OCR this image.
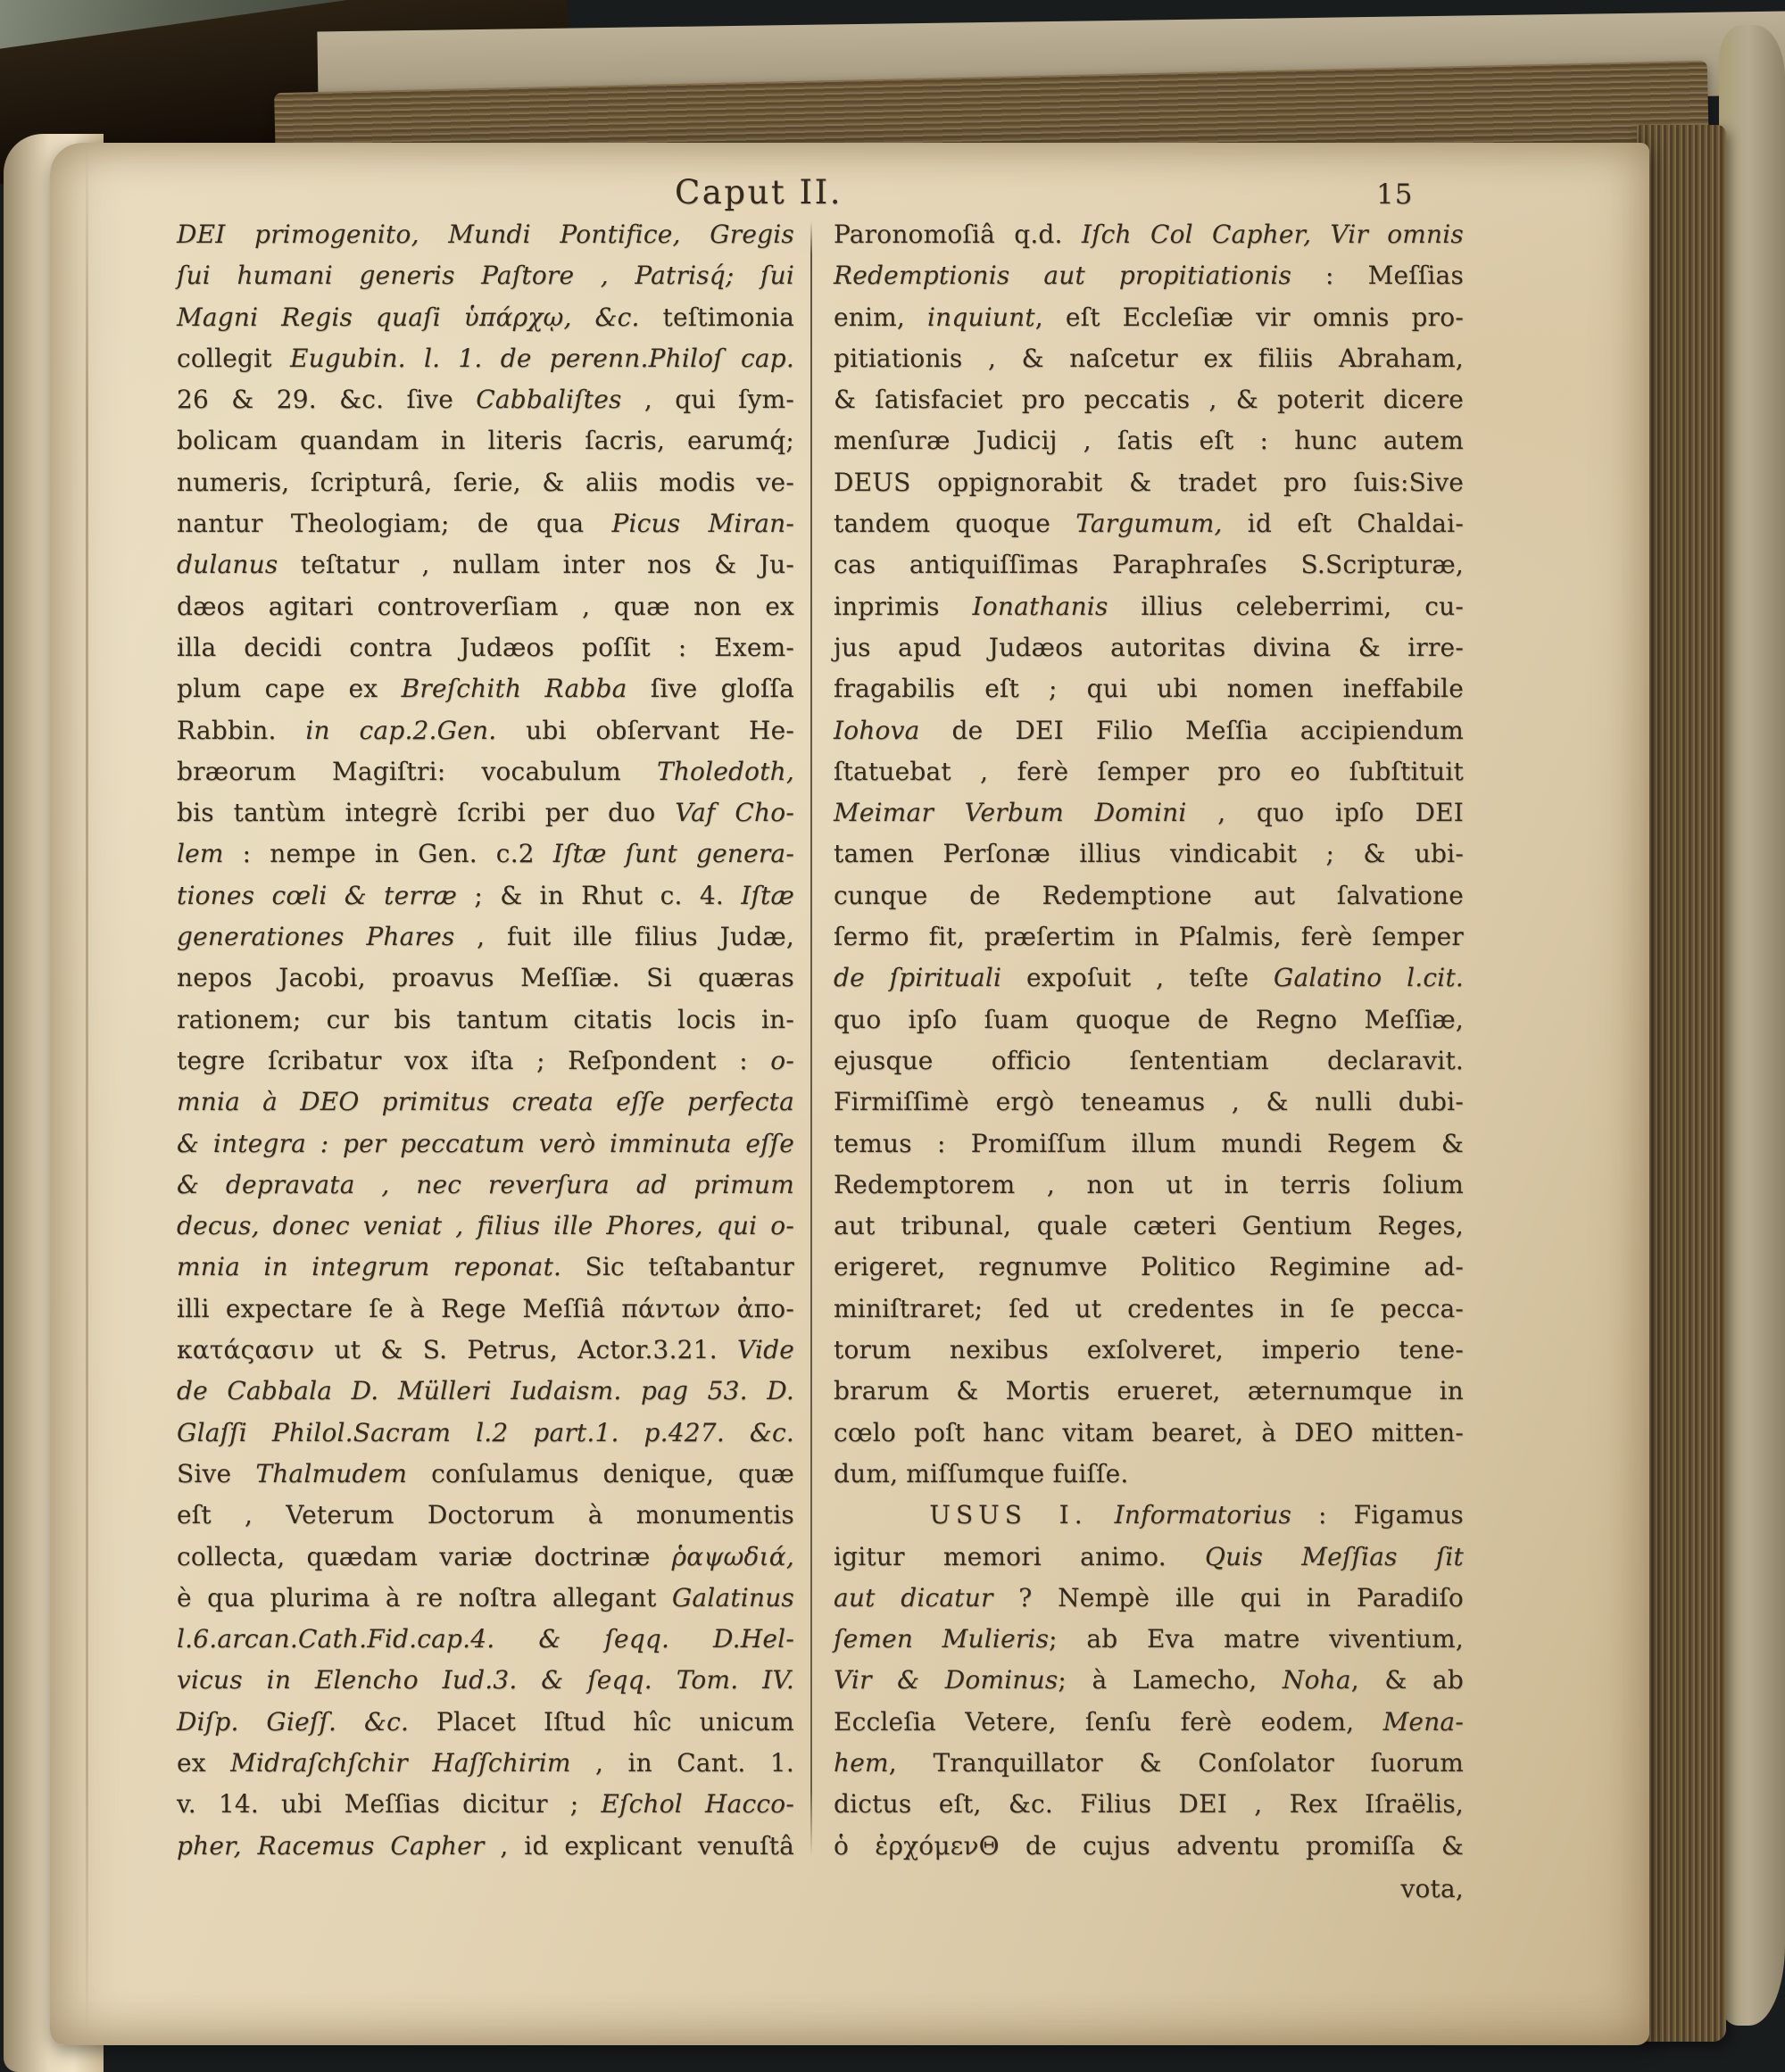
Caput II.	15
DEI primogenito, Mundi Pontifice, Gregis
ſui humani generis Paſtore , Patrisq́; ſui
Magni Regis quaſi ὑπάρχῳ, &c. teſtimonia
collegit Eugubin. l. 1. de perenn.Philoſ cap.
26 & 29. &c. ſive Cabbaliſtes , qui ſym-
bolicam quandam in literis ſacris, earumq́;
numeris, ſcripturâ, ſerie, & aliis modis ve-
nantur Theologiam; de qua Picus Miran-
dulanus teſtatur , nullam inter nos & Ju-
dæos agitari controverſiam , quæ non ex
illa decidi contra Judæos poſſit : Exem-
plum cape ex Breſchith Rabba ſive gloſſa
Rabbin. in cap.2.Gen. ubi obſervant He-
bræorum Magiſtri: vocabulum Tholedoth,
bis tantùm integrè ſcribi per duo Vaf Cho-
lem : nempe in Gen. c.2 Iſtæ ſunt genera-
tiones cœli & terræ ; & in Rhut c. 4. Iſtæ
generationes Phares , fuit ille filius Judæ,
nepos Jacobi, proavus Meſſiæ. Si quæras
rationem; cur bis tantum citatis locis in-
tegre ſcribatur vox iſta ; Reſpondent : o-
mnia à DEO primitus creata eſſe perfecta
& integra : per peccatum verò imminuta eſſe
& depravata , nec reverſura ad primum
decus, donec veniat , filius ille Phores, qui o-
mnia in integrum reponat. Sic teſtabantur
illi expectare ſe à Rege Meſſiâ πάντων ἀπο-
κατάςασιν ut & S. Petrus, Actor.3.21. Vide
de Cabbala D. Mülleri Iudaism. pag 53. D.
Glaſſi Philol.Sacram l.2 part.1. p.427. &c.
Sive Thalmudem conſulamus denique, quæ
eſt , Veterum Doctorum à monumentis
collecta, quædam variæ doctrinæ ῥαψωδιά,
è qua plurima à re noſtra allegant Galatinus
l.6.arcan.Cath.Fid.cap.4. & ſeqq. D.Hel-
vicus in Elencho Iud.3. & ſeqq. Tom. IV.
Diſp. Gieſſ. &c. Placet Iſtud hîc unicum
ex Midraſchſchir Haſſchirim , in Cant. 1.
v. 14. ubi Meſſias dicitur ; Eſchol Hacco-
pher, Racemus Capher , id explicant venuſtâ
Paronomoſiâ q.d. Iſch Col Capher, Vir omnis
Redemptionis aut propitiationis : Meſſias
enim, inquiunt, eſt Eccleſiæ vir omnis pro-
pitiationis , & naſcetur ex filiis Abraham,
& ſatisfaciet pro peccatis , & poterit dicere
menſuræ Judicij , ſatis eſt : hunc autem
DEUS oppignorabit & tradet pro ſuis:Sive
tandem quoque Targumum, id eſt Chaldai-
cas antiquiſſimas Paraphraſes S.Scripturæ,
inprimis Ionathanis illius celeberrimi, cu-
jus apud Judæos autoritas divina & irre-
fragabilis eſt ; qui ubi nomen ineffabile
Iohova de DEI Filio Meſſia accipiendum
ſtatuebat , ferè ſemper pro eo ſubſtituit
Meimar Verbum Domini , quo ipſo DEI
tamen Perſonæ illius vindicabit ; & ubi-
cunque de Redemptione aut ſalvatione
ſermo fit, præſertim in Pſalmis, ferè ſemper
de ſpirituali expoſuit , teſte Galatino l.cit.
quo ipſo ſuam quoque de Regno Meſſiæ,
ejusque officio ſententiam declaravit.
Firmiſſimè ergò teneamus , & nulli dubi-
temus : Promiſſum illum mundi Regem &
Redemptorem , non ut in terris ſolium
aut tribunal, quale cæteri Gentium Reges,
erigeret, regnumve Politico Regimine ad-
miniſtraret; ſed ut credentes in ſe pecca-
torum nexibus exſolveret, imperio tene-
brarum & Mortis erueret, æternumque in
cœlo poſt hanc vitam bearet, à DEO mitten-
dum, miſſumque fuiſſe.
USUS I. Informatorius : Figamus
igitur memori animo. Quis Meſſias ſit
aut dicatur ? Nempè ille qui in Paradiſo
ſemen Mulieris; ab Eva matre viventium,
Vir & Dominus; à Lamecho, Noha, & ab
Eccleſia Vetere, ſenſu ferè eodem, Mena-
hem, Tranquillator & Conſolator ſuorum
dictus eſt, &c. Filius DEI , Rex Iſraëlis,
ὁ ἐρχόμενΘ de cujus adventu promiſſa &
vota,
